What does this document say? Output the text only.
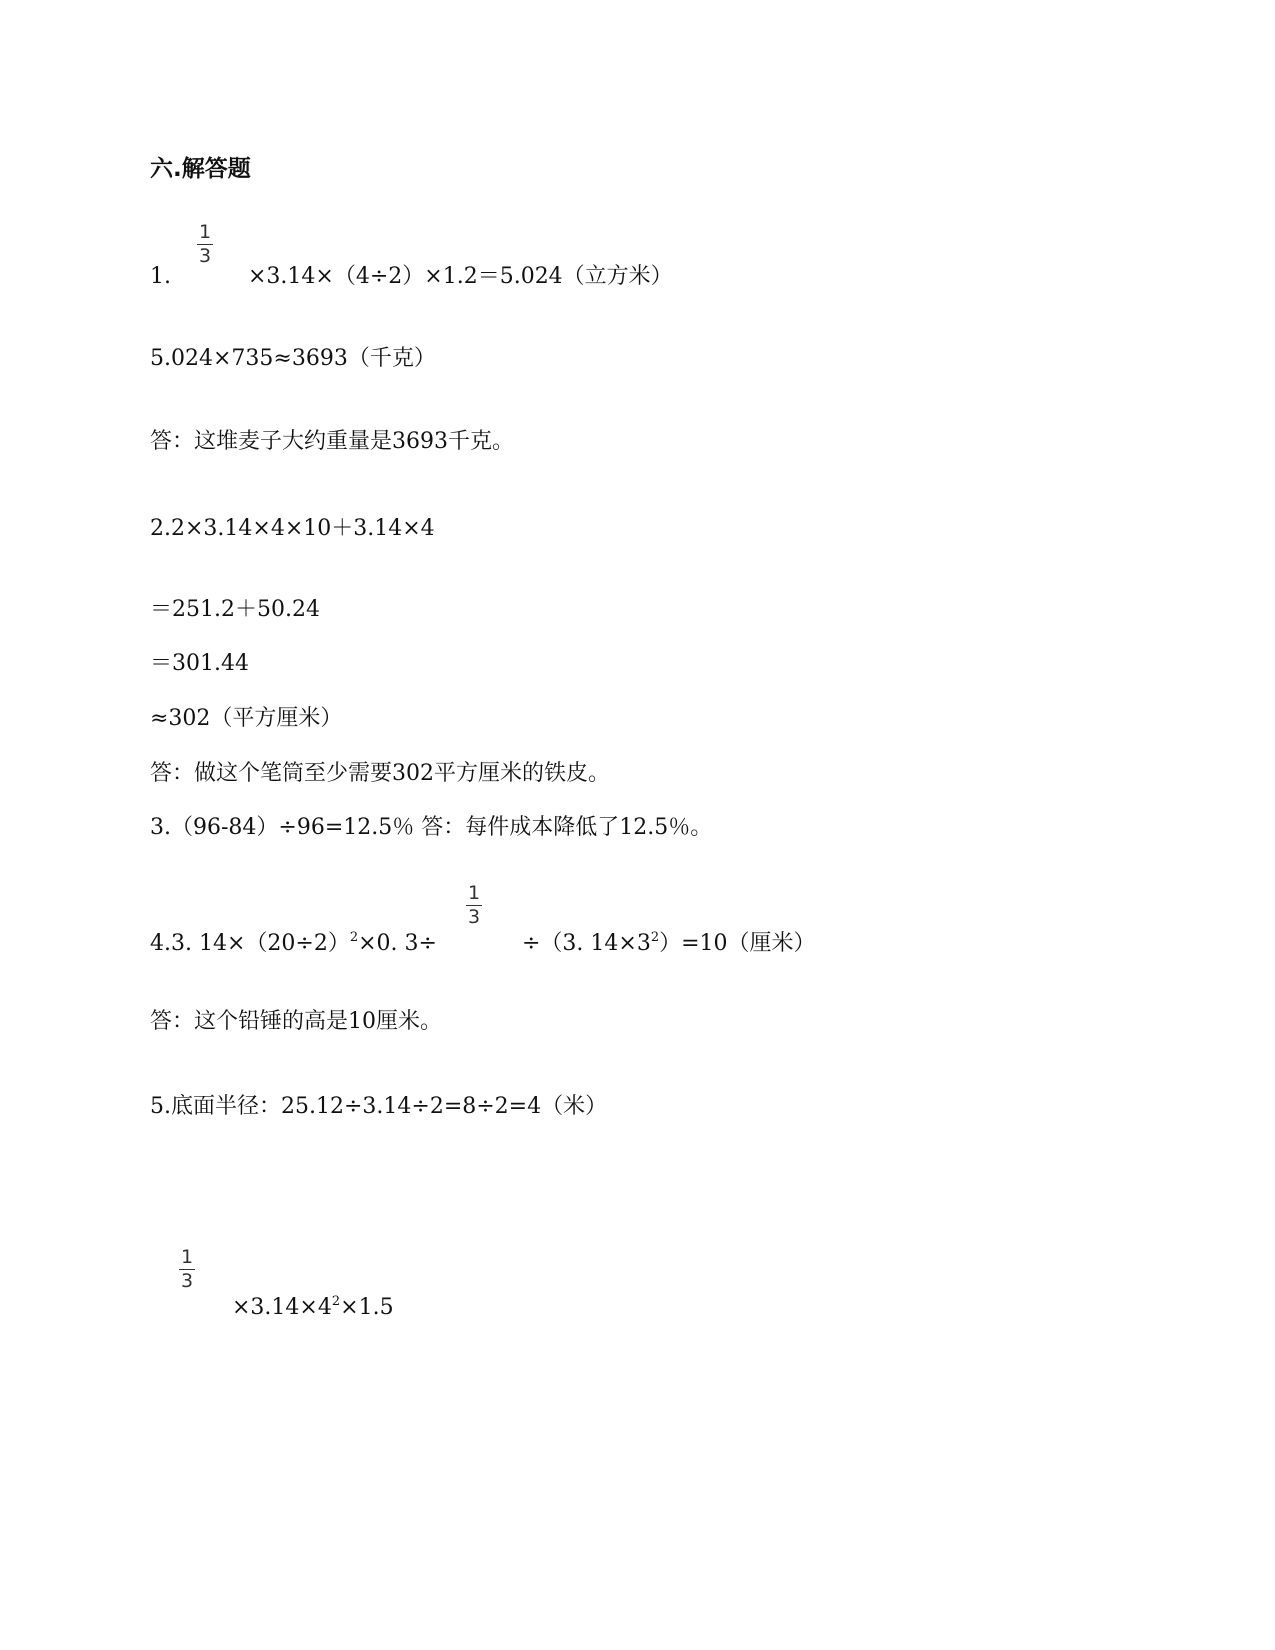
六.解答题
1.
1
3
×3.14×（4÷2）×1.2＝5.024（立方米）
5.024×735≈3693（千克）
答：这堆麦子大约重量是3693千克。
2.2×3.14×4×10＋3.14×4
＝251.2＋50.24
＝301.44
≈302（平方厘米）
答：做这个笔筒至少需要302平方厘米的铁皮。
3.（96-84）÷96=12.5％ 答：每件成本降低了12.5％。
4.3. $14\times(20\div 2)^2\times 0$. 3÷
1
3
÷（3. $14\times 3^2)=10$（厘米）
答：这个铅锤的高是10厘米。
5.底面半径：25.12÷3.14÷2=8÷2=4（米）
1
3
$\times 3.14\times 4^2\times 1.5$
